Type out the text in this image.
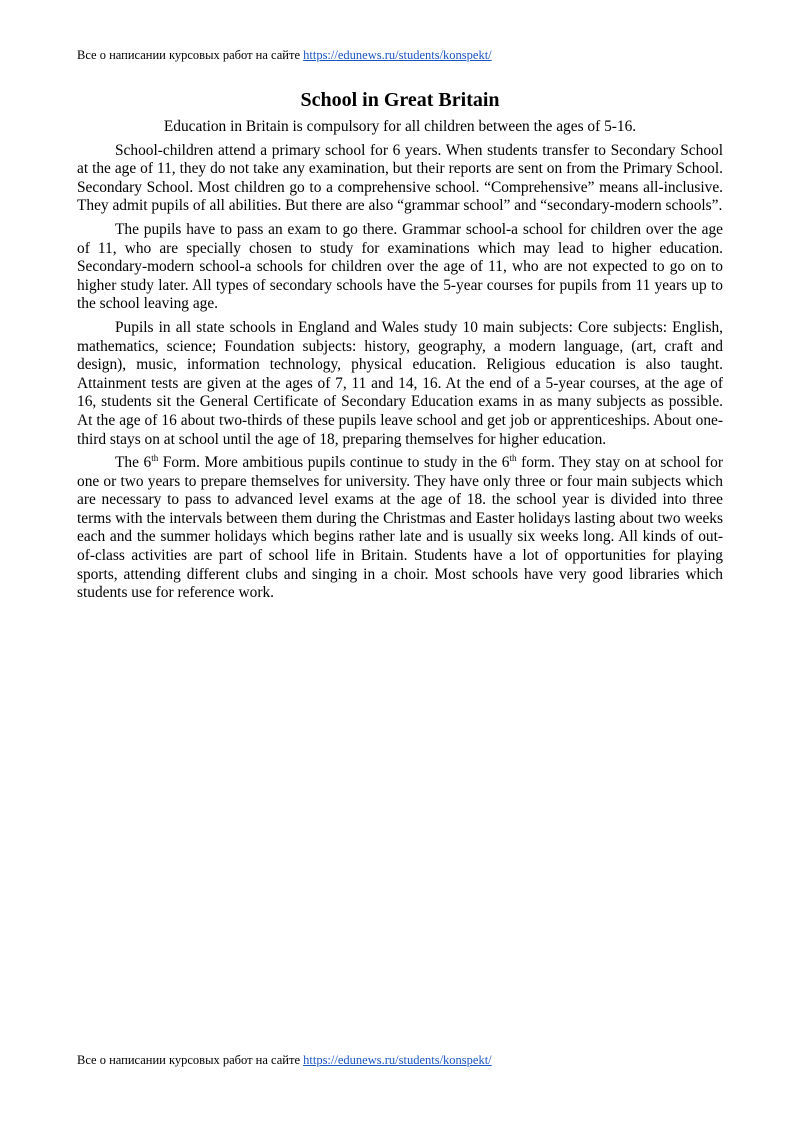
Все о написании курсовых работ на сайте https://edunews.ru/students/konspekt/
School in Great Britain

Education in Britain is compulsory for all children between the ages of 5-16.

School-children attend a primary school for 6 years. When students transfer to Secondary School at the age of 11, they do not take any examination, but their reports are sent on from the Primary School. Secondary School. Most children go to a comprehensive school. “Comprehensive” means all-inclusive. They admit pupils of all abilities. But there are also “grammar school” and “secondary-modern schools”.

The pupils have to pass an exam to go there. Grammar school-a school for children over the age of 11, who are specially chosen to study for examinations which may lead to higher education. Secondary-modern school-a schools for children over the age of 11, who are not expected to go on to higher study later. All types of secondary schools have the 5-year courses for pupils from 11 years up to the school leaving age.

Pupils in all state schools in England and Wales study 10 main subjects: Core subjects: English, mathematics, science; Foundation subjects: history, geography, a modern language, (art, craft and design), music, information technology, physical education. Religious education is also taught. Attainment tests are given at the ages of 7, 11 and 14, 16. At the end of a 5-year courses, at the age of 16, students sit the General Certificate of Secondary Education exams in as many subjects as possible. At the age of 16 about two-thirds of these pupils leave school and get job or apprenticeships. About one-third stays on at school until the age of 18, preparing themselves for higher education.

The 6th Form. More ambitious pupils continue to study in the 6th form. They stay on at school for one or two years to prepare themselves for university. They have only three or four main subjects which are necessary to pass to advanced level exams at the age of 18. the school year is divided into three terms with the intervals between them during the Christmas and Easter holidays lasting about two weeks each and the summer holidays which begins rather late and is usually six weeks long. All kinds of out-of-class activities are part of school life in Britain. Students have a lot of opportunities for playing sports, attending different clubs and singing in a choir. Most schools have very good libraries which students use for reference work.

Все о написании курсовых работ на сайте https://edunews.ru/students/konspekt/
